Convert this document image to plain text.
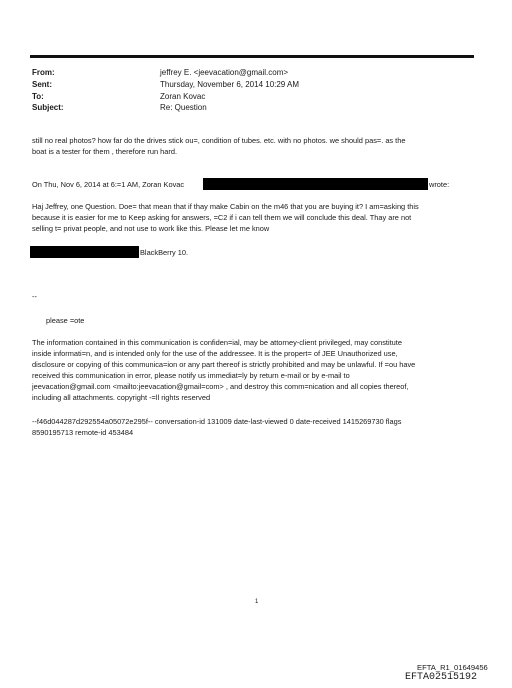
From:	jeffrey E. <jeevacation@gmail.com>
Sent:	Thursday, November 6, 2014 10:29 AM
To:	Zoran Kovac
Subject:	Re: Question
still no real photos? how far do the drives stick ou=, condition of tubes. etc. with no photos. we should pas=. as the
boat is a tester for them , therefore run hard.
On Thu, Nov 6, 2014 at 6:=1 AM, Zoran Kovac	wrote:
Haj Jeffrey, one Question. Doe= that mean that if thay make Cabin on the m46 that you are buying it? I am=asking this
because it is easier for me to Keep asking for answers, =C2 if i can tell them we will conclude this deal. Thay are not
selling t= privat people, and not use to work like this. Please let me know
BlackBerry 10.
--
please =ote
The information contained in this communication is confiden=ial, may be attorney-client privileged, may constitute
inside informati=n, and is intended only for the use of the addressee. It is the propert= of JEE Unauthorized use,
disclosure or copying of this communica=ion or any part thereof is strictly prohibited and may be unlawful. If =ou have
received this communication in error, please notify us immediat=ly by return e-mail or by e-mail to
jeevacation@gmail.com <mailto:jeevacation@gmail=com> , and destroy this comm=nication and all copies thereof,
including all attachments. copyright -=ll rights reserved
--f46d044287d292554a05072e295f-- conversation-id 131009 date-last-viewed 0 date-received 1415269730 flags
8590195713 remote-id 453484
1
EFTA_R1_01649456
EFTA02515192
